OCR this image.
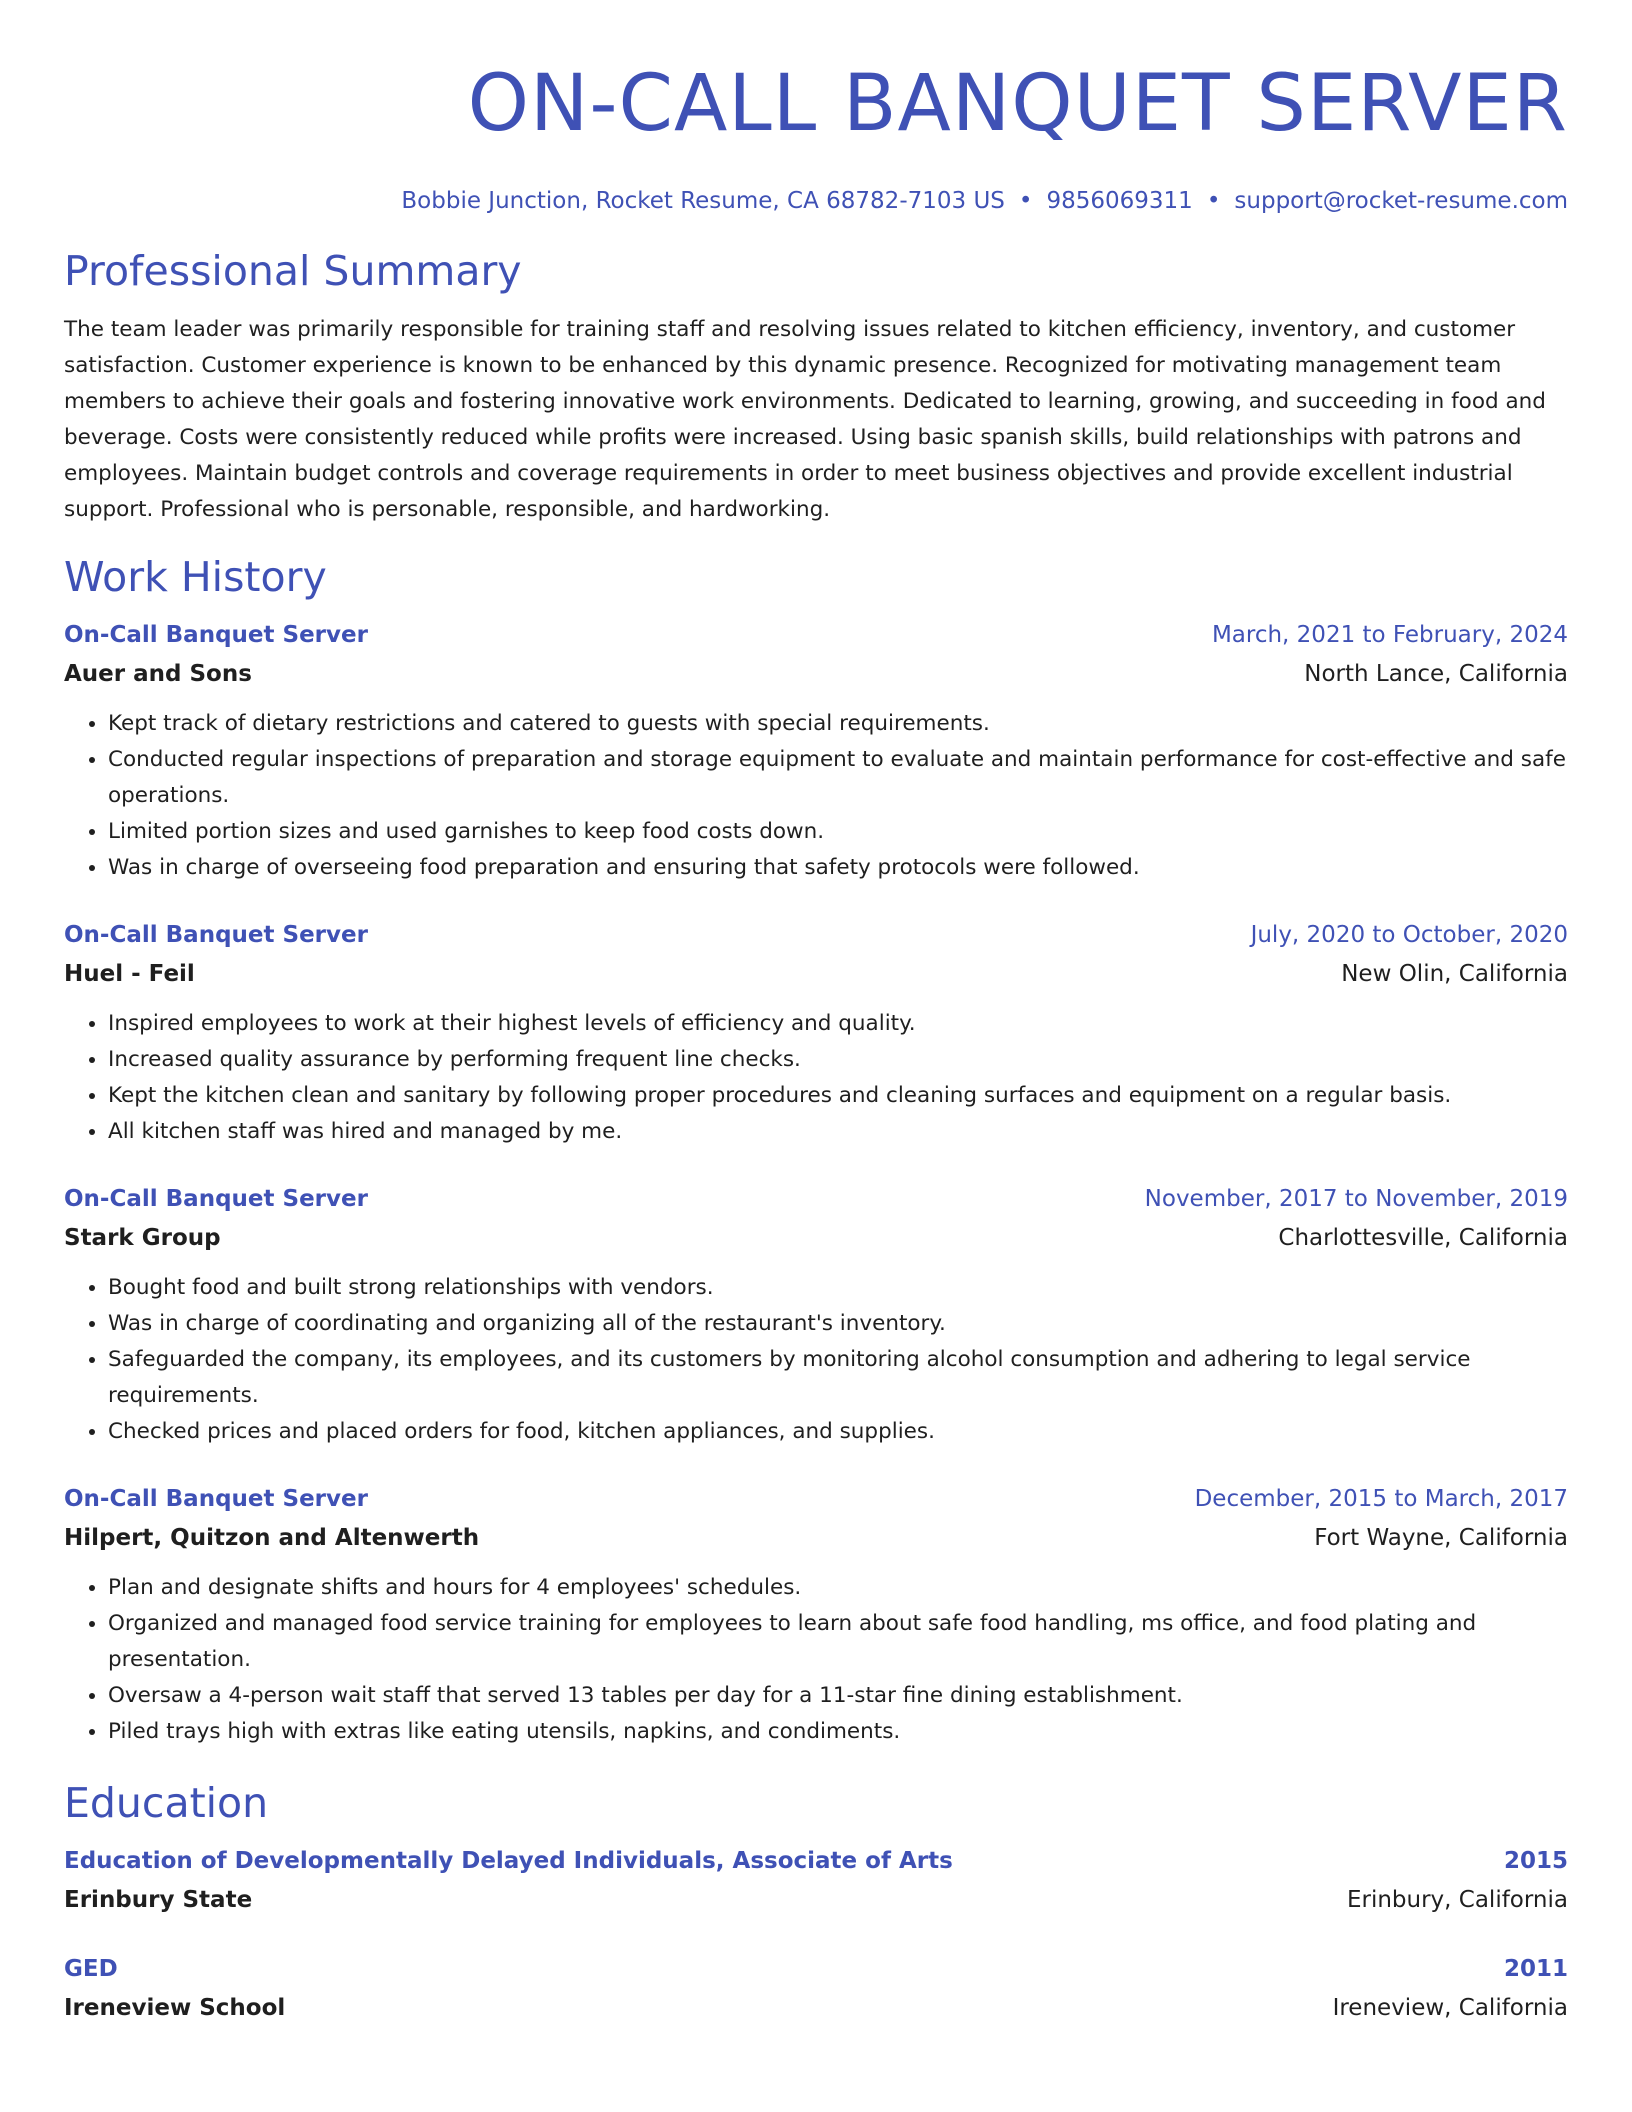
ON-CALL BANQUET SERVER
Bobbie Junction, Rocket Resume, CA 68782-7103 US • 9856069311 • support@rocket-resume.com
Professional Summary

The team leader was primarily responsible for training staff and resolving issues related to kitchen efficiency, inventory, and customer satisfaction. Customer experience is known to be enhanced by this dynamic presence. Recognized for motivating management team members to achieve their goals and fostering innovative work environments. Dedicated to learning, growing, and succeeding in food and beverage. Costs were consistently reduced while profits were increased. Using basic spanish skills, build relationships with patrons and employees. Maintain budget controls and coverage requirements in order to meet business objectives and provide excellent industrial support. Professional who is personable, responsible, and hardworking.

Work History
On-Call Banquet Server	March, 2021 to February, 2024
Auer and Sons	North Lance, California
• Kept track of dietary restrictions and catered to guests with special requirements.
• Conducted regular inspections of preparation and storage equipment to evaluate and maintain performance for cost-effective and safe operations.
• Limited portion sizes and used garnishes to keep food costs down.
• Was in charge of overseeing food preparation and ensuring that safety protocols were followed.
On-Call Banquet Server	July, 2020 to October, 2020
Huel - Feil	New Olin, California
• Inspired employees to work at their highest levels of efficiency and quality.
• Increased quality assurance by performing frequent line checks.
• Kept the kitchen clean and sanitary by following proper procedures and cleaning surfaces and equipment on a regular basis.
• All kitchen staff was hired and managed by me.
On-Call Banquet Server	November, 2017 to November, 2019
Stark Group	Charlottesville, California
• Bought food and built strong relationships with vendors.
• Was in charge of coordinating and organizing all of the restaurant's inventory.
• Safeguarded the company, its employees, and its customers by monitoring alcohol consumption and adhering to legal service requirements.
• Checked prices and placed orders for food, kitchen appliances, and supplies.
On-Call Banquet Server	December, 2015 to March, 2017
Hilpert, Quitzon and Altenwerth	Fort Wayne, California
• Plan and designate shifts and hours for 4 employees' schedules.
• Organized and managed food service training for employees to learn about safe food handling, ms office, and food plating and presentation.
• Oversaw a 4-person wait staff that served 13 tables per day for a 11-star fine dining establishment.
• Piled trays high with extras like eating utensils, napkins, and condiments.
Education
Education of Developmentally Delayed Individuals, Associate of Arts	2015
Erinbury State	Erinbury, California
GED	2011
Ireneview School	Ireneview, California
